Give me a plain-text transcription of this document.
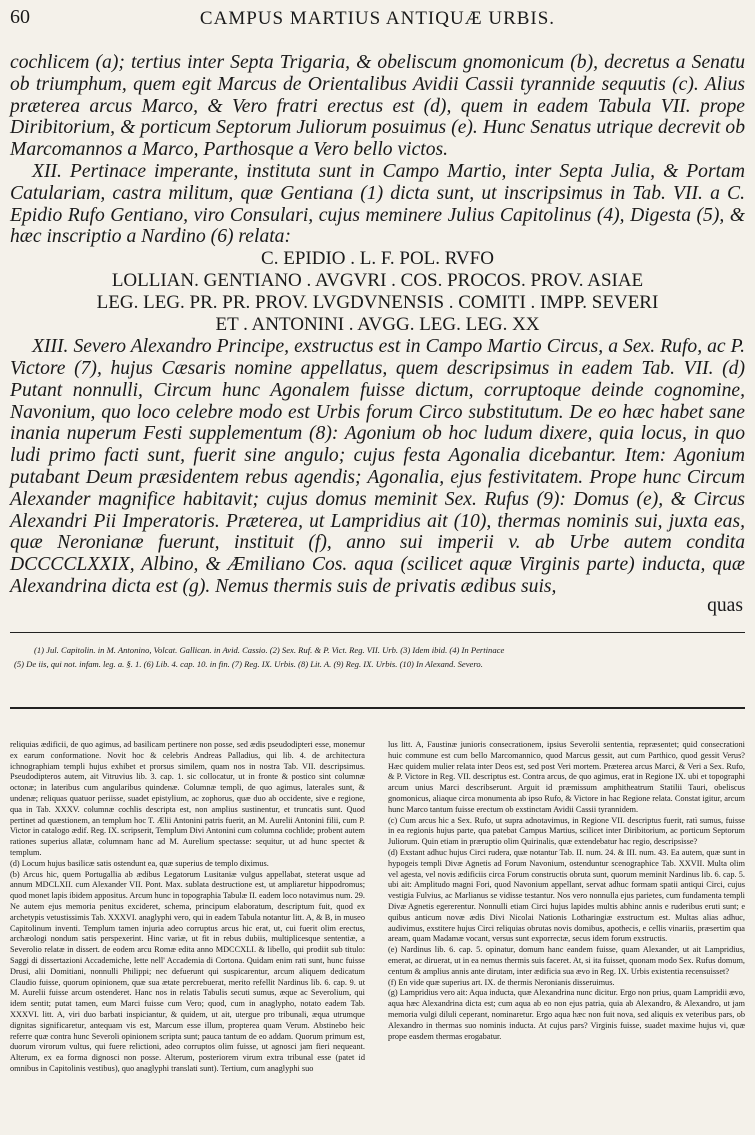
60	CAMPUS MARTIUS ANTIQUÆ URBIS.

cochlicem (a); tertius inter Septa Trigaria, & obeliscum gnomonicum (b), decretus a Senatu ob triumphum, quem egit Marcus de Orientalibus Avidii Cassii tyrannide sequutis (c). Alius præterea arcus Marco, & Vero fratri erectus est (d), quem in eadem Tabula VII. prope Diribitorium, & porticum Septorum Juliorum posuimus (e). Hunc Senatus utrique decrevit ob Marcomannos a Marco, Parthosque a Vero bello victos.

XII. Pertinace imperante, instituta sunt in Campo Martio, inter Septa Julia, & Portam Catulariam, castra militum, quæ Gentiana (1) dicta sunt, ut inscripsimus in Tab. VII. a C. Epidio Rufo Gentiano, viro Consulari, cujus meminere Julius Capitolinus (4), Digesta (5), & hæc inscriptio a Nardino (6) relata:

C. EPIDIO . L. F. POL. RVFO
LOLLIAN. GENTIANO . AVGVRI . COS. PROCOS. PROV. ASIAE
LEG. LEG. PR. PR. PROV. LVGDVNENSIS . COMITI . IMPP. SEVERI
ET . ANTONINI . AVGG. LEG. LEG. XX

XIII. Severo Alexandro Principe, exstructus est in Campo Martio Circus, a Sex. Rufo, ac P. Victore (7), hujus Cæsaris nomine appellatus, quem descripsimus in eadem Tab. VII. (d) Putant nonnulli, Circum hunc Agonalem fuisse dictum, corruptoque deinde cognomine, Navonium, quo loco celebre modo est Urbis forum Circo substitutum. De eo hæc habet sane inania nuperum Festi supplementum (8): Agonium ob hoc ludum dixere, quia locus, in quo ludi primo facti sunt, fuerit sine angulo; cujus festa Agonalia dicebantur. Item: Agonium putabant Deum præsidentem rebus agendis; Agonalia, ejus festivitatem. Prope hunc Circum Alexander magnifice habitavit; cujus domus meminit Sex. Rufus (9): Domus (e), & Circus Alexandri Pii Imperatoris. Præterea, ut Lampridius ait (10), thermas nominis sui, juxta eas, quæ Neronianæ fuerunt, instituit (f), anno sui imperii v. ab Urbe autem condita DCCCCLXXIX, Albino, & Æmiliano Cos. aqua (scilicet aquæ Virginis parte) inducta, quæ Alexandrina dicta est (g). Nemus thermis suis de privatis ædibus suis,

quas
(1) Jul. Capitolin. in M. Antonino, Volcat. Gallican. in Avid. Cassio. (2) Sex. Ruf. & P. Vict. Reg. VII. Urb. (3) Idem ibid. (4) In Pertinace
(5) De iis, qui not. infam. leg. a. §. 1. (6) Lib. 4. cap. 10. in fin. (7) Reg. IX. Urbis. (8) Lit. A. (9) Reg. IX. Urbis. (10) In Alexand. Severo.

reliquias ædificii, de quo agimus, ad basilicam pertinere non posse, sed ædis pseudodipteri esse, monemur ex earum conformatione. Novit hoc & celebris Andreas Palladius, qui lib. 4. de architectura ichnographiam templi hujus exhibet et prorsus similem, quam nos in nostra Tab. VII. descripsimus. Pseudodipteros autem, ait Vitruvius lib. 3. cap. 1. sic collocatur, ut in fronte & postico sint columnæ octonæ; in lateribus cum angularibus quindenæ. Columnæ templi, de quo agimus, laterales sunt, & undenæ; reliquas quatuor periisse, suadet epistylium, ac zophorus, quæ duo ab occidente, sive e regione, qua in Tab. XXXV. columnæ cochlis descripta est, non amplius sustinentur, et truncatis sunt. Quod pertinet ad quæstionem, an templum hoc T. Ælii Antonini patris fuerit, an M. Aurelii Antonini filii, cum P. Victor in catalogo ædif. Reg. IX. scripserit, Templum Divi Antonini cum columna cochlide; probent autem rationes superius allatæ, columnam hanc ad M. Aurelium spectasse: sequitur, ut ad hunc spectet & templum.
(d) Locum hujus basilicæ satis ostendunt ea, quæ superius de templo diximus.
(b) Arcus hic, quem Portugallia ab ædibus Legatorum Lusitaniæ vulgus appellabat, steterat usque ad annum MDCLXII. cum Alexander VII. Pont. Max. sublata destructione est, ut ampliaretur hippodromus; quod monet lapis ibidem appositus. Arcum hunc in topographia Tabulæ II. eadem loco notavimus num. 29. Ne autem ejus memoria penitus excideret, schema, principum elaboratum, descriptum fuit, quod ex archetypis vetustissimis Tab. XXXVI. anaglyphi vero, qui in eadem Tabula notantur litt. A, & B, in museo Capitolinum inventi. Templum tamen injuria adeo corruptus arcus hic erat, ut, cui fuerit olim erectus, archæologi nondum satis perspexerint. Hinc variæ, ut fit in rebus dubiis, multiplicesque sententiæ, a Severolio relatæ in dissert. de eodem arcu Romæ edita anno MDCCXLI. & libello, qui prodiit sub titulo: Saggi di dissertazioni Accademiche, lette nell' Accademia di Cortona. Quidam enim rati sunt, hunc fuisse Drusi, alii Domitiani, nonnulli Philippi; nec defuerunt qui suspicarentur, arcum aliquem dedicatum Claudio fuisse, quorum opinionem, quæ sua ætate percrebuerat, merito refellit Nardinus lib. 6. cap. 9. ut M. Aurelii fuisse arcum ostenderet. Hanc nos in relatis Tabulis secuti sumus, æque ac Severolium, qui idem sentit; putat tamen, eum Marci fuisse cum Vero; quod, cum in anaglypho, notato eadem Tab. XXXVI. litt. A, viri duo barbati inspiciantur, & quidem, ut ait, utergue pro tribunali, æqua utrumque dignitas significaretur, antequam vis est, Marcum esse illum, propterea quam Verum. Abstinebo heic referre quæ contra hunc Severoli opinionem scripta sunt; pauca tantum de eo addam. Quorum primum est, duorum virorum vultus, qui fuere relictioni, adeo corruptos olim fuisse, ut agnosci jam fieri nequeant. Alterum, ex ea forma dignosci non posse. Alterum, posteriorem virum extra tribunal esse (patet id omnibus in Capitolinis vestibus), quo anaglyphi translati sunt). Tertium, cum anaglyphi suo

lus litt. A, Faustinæ junioris consecrationem, ipsius Severolii sententia, repræsentet; quid consecrationi huic commune est cum bello Marcomannico, quod Marcus gessit, aut cum Parthico, quod gessit Verus? Hæc quidem mulier relata inter Deos est, sed post Veri mortem. Præterea arcus Marci, & Veri a Sex. Rufo, & P. Victore in Reg. VII. descriptus est. Contra arcus, de quo agimus, erat in Regione IX. ubi et topographi arcum unius Marci describserunt. Arguit id præmissum amphitheatrum Statilii Tauri, obeliscus gnomonicus, aliaque circa monumenta ab ipso Rufo, & Victore in hac Regione relata. Constat igitur, arcum hunc Marco tantum fuisse erectum ob exstinctam Avidii Cassii tyrannidem.
(c) Cum arcus hic a Sex. Rufo, ut supra adnotavimus, in Regione VII. descriptus fuerit, ratì sumus, fuisse in ea regionis hujus parte, qua patebat Campus Martius, scilicet inter Diribitorium, ac porticum Septorum Juliorum. Quin etiam in præruptio olim Quirinalis, quæ extendebatur hac regio, descripsisse?
(d) Exstant adhuc hujus Circi rudera, quæ notantur Tab. II. num. 24. & III. num. 43. Ea autem, quæ sunt in hypogeis templi Divæ Agnetis ad Forum Navonium, ostenduntur scenographice Tab. XXVII. Multa olim vel agesta, vel novis ædificiis circa Forum constructis obruta sunt, quorum meminit Nardinus lib. 6. cap. 5. ubi ait: Amplitudo magni Fori, quod Navonium appellant, servat adhuc formam spatii antiqui Circi, cujus vestigia Fulvius, ac Marlianus se vidisse testantur. Nos vero nonnulla ejus parietes, cum fundamenta templi Divæ Agnetis egererentur. Nonnulli etiam Circi hujus lapides multis abhinc annis e ruderibus eruti sunt; e quibus anticum novæ ædis Divi Nicolai Nationis Lotharingiæ exstructum est. Multas alias adhuc, audivimus, exstitere hujus Circi reliquias obrutas novis domibus, apothecis, e cellis vinariis, præsertim qua aream, quam Madamæ vocant, versus sunt exporrectæ, secus idem forum exstructis.
(e) Nardinus lib. 6. cap. 5. opinatur, domum hanc eandem fuisse, quam Alexander, ut ait Lampridius, emerat, ac diruerat, ut in ea nemus thermis suis faceret. At, si ita fuisset, quonam modo Sex. Rufus domum, centum & amplius annis ante dirutam, inter ædificia sua ævo in Reg. IX. Urbis existentia recensuisset?
(f) En vide quæ superius art. IX. de thermis Neronianis disseruimus.
(g) Lampridius vero ait: Aqua inducta, quæ Alexandrina nunc dicitur. Ergo non prius, quam Lampridii ævo, aqua hæc Alexandrina dicta est; cum aqua ab eo non ejus patria, quia ab Alexandro, & Alexandro, ut jam memoria vulgi diluli ceperant, nominaretur. Ergo aqua hæc non fuit nova, sed aliquis ex veteribus pars, ob Alexandro in thermas suo nominis inducta. At cujus pars? Virginis fuisse, suadet maxime hujus vi, quæ prope easdem thermas erogabatur.
